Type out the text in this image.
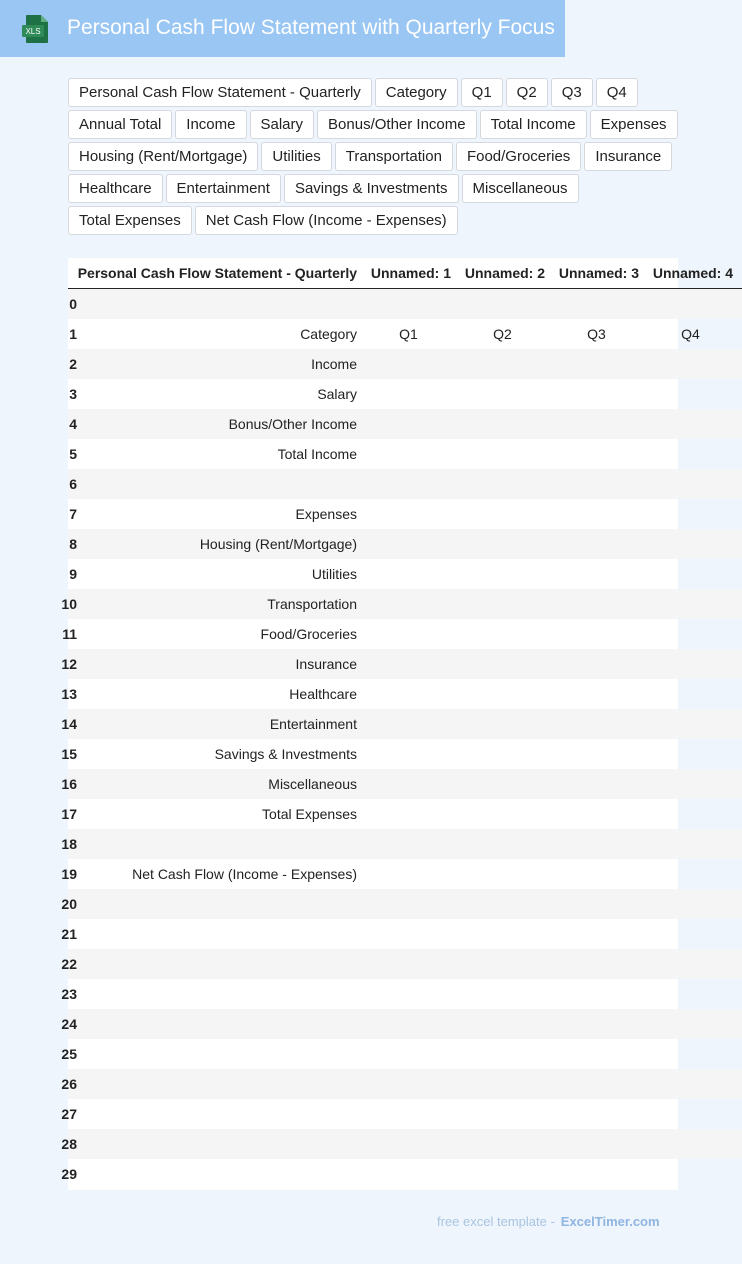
XLS Personal Cash Flow Statement with Quarterly Focus
Personal Cash Flow Statement - Quarterly	Category	Q1	Q2	Q3	Q4
Annual Total	Income	Salary	Bonus/Other Income	Total Income	Expenses
Housing (Rent/Mortgage)	Utilities	Transportation	Food/Groceries	Insurance
Healthcare	Entertainment	Savings & Investments	Miscellaneous
Total Expenses	Net Cash Flow (Income - Expenses)
	Personal Cash Flow Statement - Quarterly	Unnamed: 1	Unnamed: 2	Unnamed: 3	Unnamed: 4
0					
1	Category	Q1	Q2	Q3	Q4
2	Income				
3	Salary				
4	Bonus/Other Income				
5	Total Income				
6					
7	Expenses				
8	Housing (Rent/Mortgage)				
9	Utilities				
10	Transportation				
11	Food/Groceries				
12	Insurance				
13	Healthcare				
14	Entertainment				
15	Savings & Investments				
16	Miscellaneous				
17	Total Expenses				
18					
19	Net Cash Flow (Income - Expenses)				
20					
21					
22					
23					
24					
25					
26					
27					
28					
29					
free excel template - ExcelTimer.com
